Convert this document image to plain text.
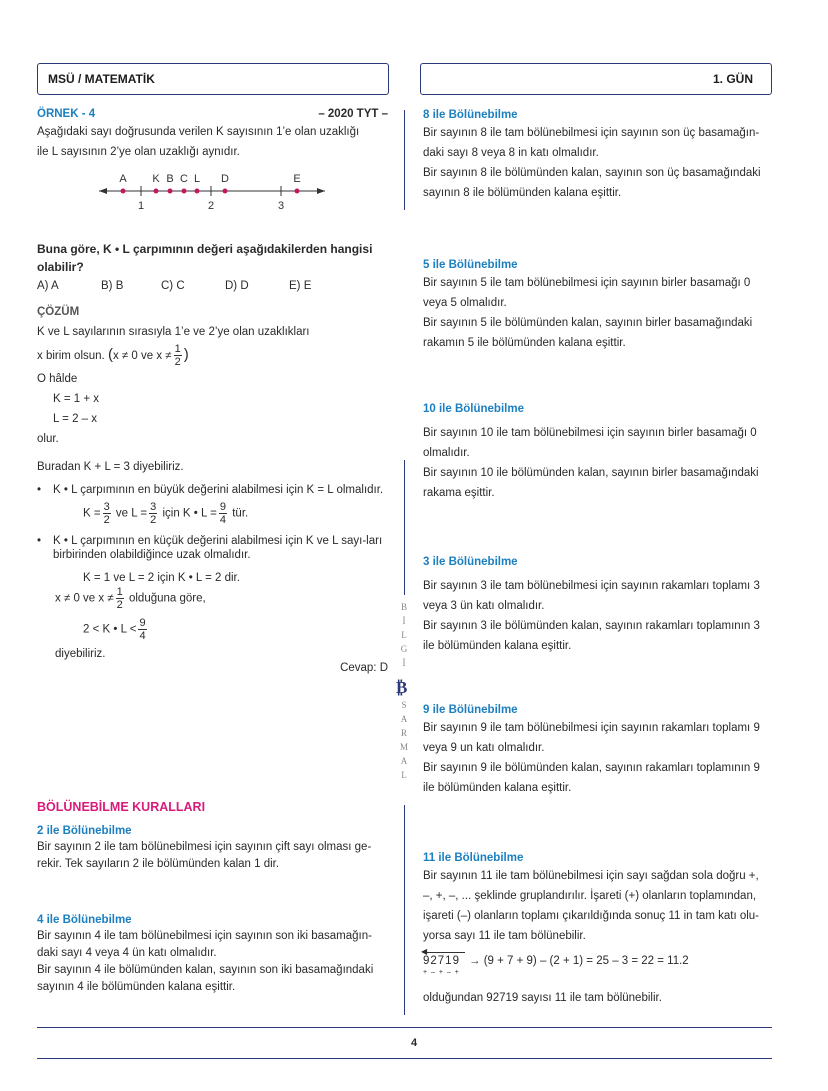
MSÜ / MATEMATİK	1. GÜN
B
İ
L
G
İ
₿
S
A
R
M
A
L
ÖRNEK - 4	– 2020 TYT –
Aşağıdaki sayı doğrusunda verilen K sayısının 1’e olan uzaklığı
ile L sayısının 2’ye olan uzaklığı aynıdır.
A K B C L D	E
1	2	3
Buna göre, K • L çarpımının değeri aşağıdakilerden hangisi olabilir?
A) A	B) B	C) C	D) D	E) E
ÇÖZÜM
K ve L sayılarının sırasıyla 1’e ve 2’ye olan uzaklıkları
x birim olsun. (x ≠ 0 ve $x \ne \frac{1}{2}$ )
O hâlde
K = 1 + x
L = 2 – x
olur.
Buradan K + L = 3 diyebiliriz.
• K • L çarpımının en büyük değerini alabilmesi için K = L olmalıdır.
$K = \frac{3}{2}$ ve $L = \frac{3}{2}$ için K • $L = \frac{9}{4}$ tür.
• K • L çarpımının en küçük değerini alabilmesi için K ve L sayı-ları birbirinden olabildiğince uzak olmalıdır.
K = 1 ve L = 2 için K • L = 2 dir.
x ≠ 0 ve $x \ne \frac{1}{2}$ olduğuna göre,
2 < K • $L < \frac{9}{4}$
diyebiliriz.
Cevap: D
BÖLÜNEBİLME KURALLARI
2 ile Bölünebilme
Bir sayının 2 ile tam bölünebilmesi için sayının çift sayı olması ge-
rekir. Tek sayıların 2 ile bölümünden kalan 1 dir.
4 ile Bölünebilme
Bir sayının 4 ile tam bölünebilmesi için sayının son iki basamağın-
daki sayı 4 veya 4 ün katı olmalıdır.
Bir sayının 4 ile bölümünden kalan, sayının son iki basamağındaki
sayının 4 ile bölümünden kalana eşittir.
8 ile Bölünebilme
Bir sayının 8 ile tam bölünebilmesi için sayının son üç basamağın-
daki sayı 8 veya 8 in katı olmalıdır.
Bir sayının 8 ile bölümünden kalan, sayının son üç basamağındaki
sayının 8 ile bölümünden kalana eşittir.
5 ile Bölünebilme
Bir sayının 5 ile tam bölünebilmesi için sayının birler basamağı 0
veya 5 olmalıdır.
Bir sayının 5 ile bölümünden kalan, sayının birler basamağındaki
rakamın 5 ile bölümünden kalana eşittir.
10 ile Bölünebilme
Bir sayının 10 ile tam bölünebilmesi için sayının birler basamağı 0
olmalıdır.
Bir sayının 10 ile bölümünden kalan, sayının birler basamağındaki
rakama eşittir.
3 ile Bölünebilme
Bir sayının 3 ile tam bölünebilmesi için sayının rakamları toplamı 3
veya 3 ün katı olmalıdır.
Bir sayının 3 ile bölümünden kalan, sayının rakamları toplamının 3
ile bölümünden kalana eşittir.
9 ile Bölünebilme
Bir sayının 9 ile tam bölünebilmesi için sayının rakamları toplamı 9
veya 9 un katı olmalıdır.
Bir sayının 9 ile bölümünden kalan, sayının rakamları toplamının 9
ile bölümünden kalana eşittir.
11 ile Bölünebilme
Bir sayının 11 ile tam bölünebilmesi için sayı sağdan sola doğru +,
–, +, –, ... şeklinde gruplandırılır. İşareti (+) olanların toplamından,
işareti (–) olanların toplamı çıkarıldığında sonuç 11 in tam katı olu-
yorsa sayı 11 ile tam bölünebilir.
◀
92719
+ – + – +
→ (9 + 7 + 9) – (2 + 1) = 25 – 3 = 22 = 11.2
olduğundan 92719 sayısı 11 ile tam bölünebilir.
4
